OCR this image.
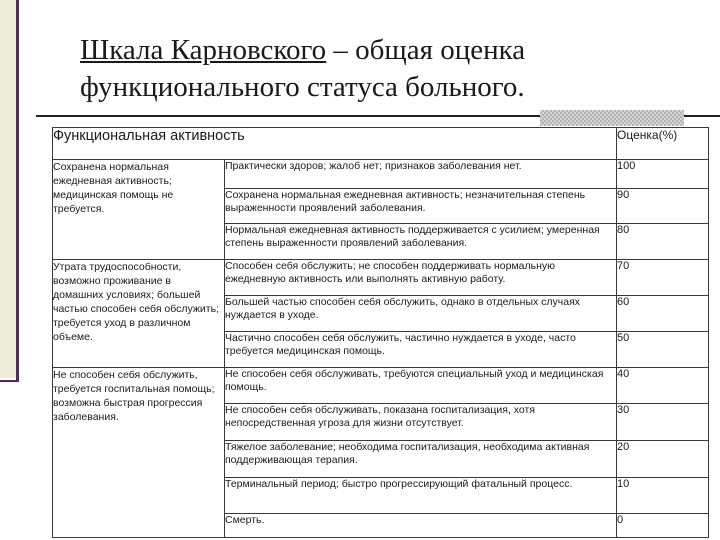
Шкала Карновского – общая оценка
функционального статуса больного.
Функциональная активность		Оценка(%)
Сохранена нормальная ежедневная активность; медицинская помощь не требуется.	Практически здоров; жалоб нет; признаков заболевания нет.	100
	Сохранена нормальная ежедневная активность; незначительная степень выраженности проявлений заболевания.	90
	Нормальная ежедневная активность поддерживается с усилием; умеренная степень выраженности проявлений заболевания.	80
Утрата трудоспособности, возможно проживание в домашних условиях; большей частью способен себя обслужить; требуется уход в различном объеме.	Способен себя обслужить; не способен поддерживать нормальную ежедневную активность или выполнять активную работу.	70
	Большей частью способен себя обслужить, однако в отдельных случаях нуждается в уходе.	60
	Частично способен себя обслужить, частично нуждается в уходе, часто требуется медицинская помощь.	50
Не способен себя обслужить, требуется госпитальная помощь; возможна быстрая прогрессия заболевания.	Не способен себя обслуживать, требуются специальный уход и медицинская помощь.	40
	Не способен себя обслуживать, показана госпитализация, хотя непосредственная угроза для жизни отсутствует.	30
	Тяжелое заболевание; необходима госпитализация, необходима активная поддерживающая терапия.	20
	Терминальный период; быстро прогрессирующий фатальный процесс.	10
	Смерть.	0
